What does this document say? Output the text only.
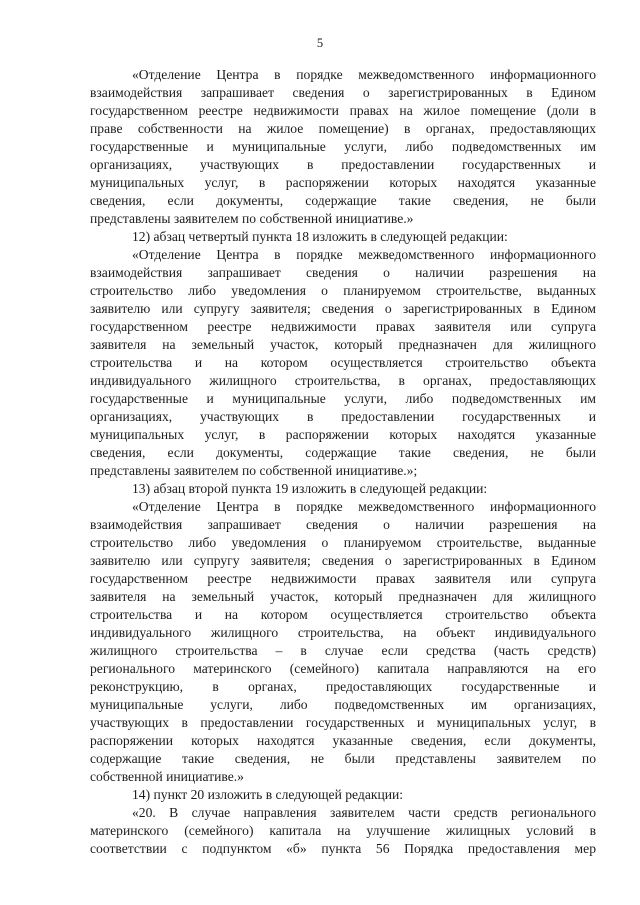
5
«Отделение Центра в порядке межведомственного информационного
взаимодействия запрашивает сведения о зарегистрированных в Едином
государственном реестре недвижимости правах на жилое помещение (доли в
праве собственности на жилое помещение) в органах, предоставляющих
государственные и муниципальные услуги, либо подведомственных им
организациях, участвующих в предоставлении государственных и
муниципальных услуг, в распоряжении которых находятся указанные
сведения, если документы, содержащие такие сведения, не были
представлены заявителем по собственной инициативе.»
12) абзац четвертый пункта 18 изложить в следующей редакции:
«Отделение Центра в порядке межведомственного информационного
взаимодействия запрашивает сведения о наличии разрешения на
строительство либо уведомления о планируемом строительстве, выданных
заявителю или супругу заявителя; сведения о зарегистрированных в Едином
государственном реестре недвижимости правах заявителя или супруга
заявителя на земельный участок, который предназначен для жилищного
строительства и на котором осуществляется строительство объекта
индивидуального жилищного строительства, в органах, предоставляющих
государственные и муниципальные услуги, либо подведомственных им
организациях, участвующих в предоставлении государственных и
муниципальных услуг, в распоряжении которых находятся указанные
сведения, если документы, содержащие такие сведения, не были
представлены заявителем по собственной инициативе.»;
13) абзац второй пункта 19 изложить в следующей редакции:
«Отделение Центра в порядке межведомственного информационного
взаимодействия запрашивает сведения о наличии разрешения на
строительство либо уведомления о планируемом строительстве, выданные
заявителю или супругу заявителя; сведения о зарегистрированных в Едином
государственном реестре недвижимости правах заявителя или супруга
заявителя на земельный участок, который предназначен для жилищного
строительства и на котором осуществляется строительство объекта
индивидуального жилищного строительства, на объект индивидуального
жилищного строительства – в случае если средства (часть средств)
регионального материнского (семейного) капитала направляются на его
реконструкцию, в органах, предоставляющих государственные и
муниципальные услуги, либо подведомственных им организациях,
участвующих в предоставлении государственных и муниципальных услуг, в
распоряжении которых находятся указанные сведения, если документы,
содержащие такие сведения, не были представлены заявителем по
собственной инициативе.»
14) пункт 20 изложить в следующей редакции:
«20. В случае направления заявителем части средств регионального
материнского (семейного) капитала на улучшение жилищных условий в
соответствии с подпунктом «б» пункта 56 Порядка предоставления мер
